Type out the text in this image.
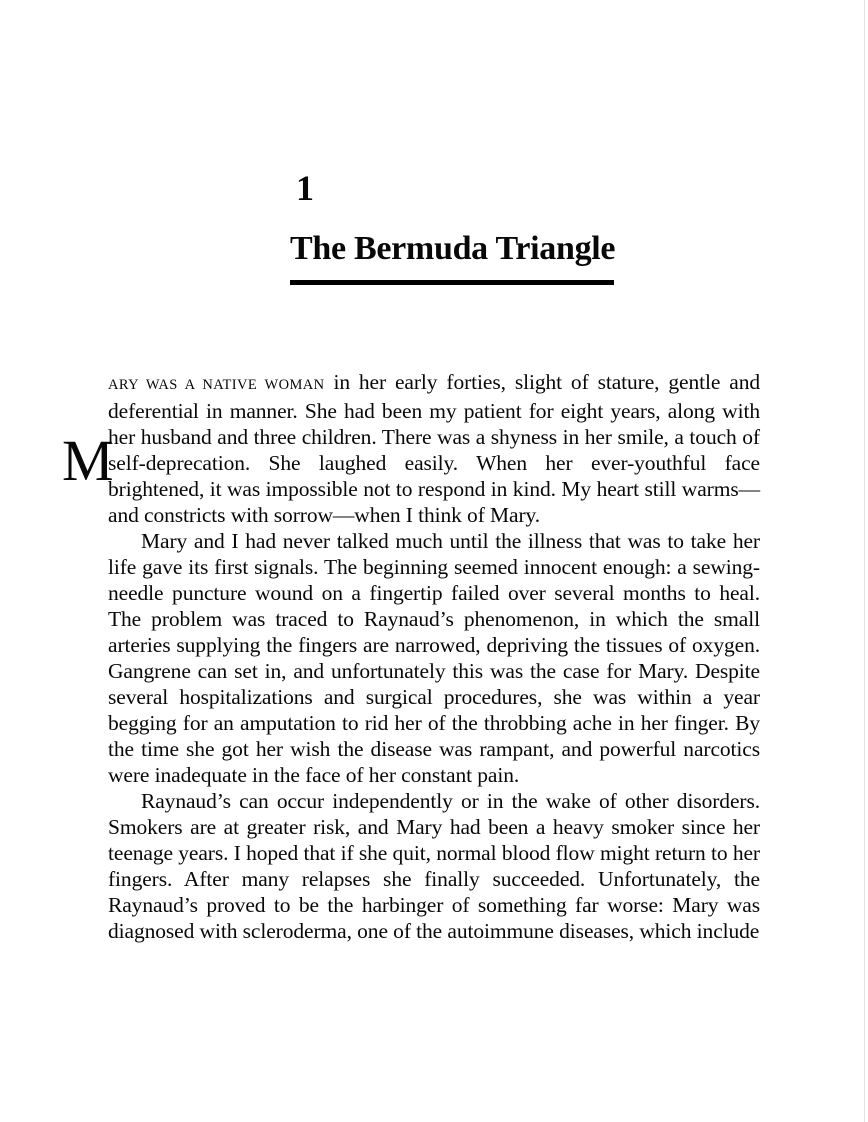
1
The Bermuda Triangle

M
ARY WAS A NATIVE WOMAN in her early forties, slight of stature, gentle and deferential in manner. She had been my patient for eight years, along with her husband and three children. There was a shyness in her smile, a touch of self-deprecation. She laughed easily. When her ever-youthful face brightened, it was impossible not to respond in kind. My heart still warms—and constricts with sorrow—when I think of Mary.

Mary and I had never talked much until the illness that was to take her life gave its first signals. The beginning seemed innocent enough: a sewing-needle puncture wound on a fingertip failed over several months to heal. The problem was traced to Raynaud’s phenomenon, in which the small arteries supplying the fingers are narrowed, depriving the tissues of oxygen. Gangrene can set in, and unfortunately this was the case for Mary. Despite several hospitalizations and surgical procedures, she was within a year begging for an amputation to rid her of the throbbing ache in her finger. By the time she got her wish the disease was rampant, and powerful narcotics were inadequate in the face of her constant pain.

Raynaud’s can occur independently or in the wake of other disorders. Smokers are at greater risk, and Mary had been a heavy smoker since her teenage years. I hoped that if she quit, normal blood flow might return to her fingers. After many relapses she finally succeeded. Unfortunately, the Raynaud’s proved to be the harbinger of something far worse: Mary was diagnosed with scleroderma, one of the autoimmune diseases, which include
